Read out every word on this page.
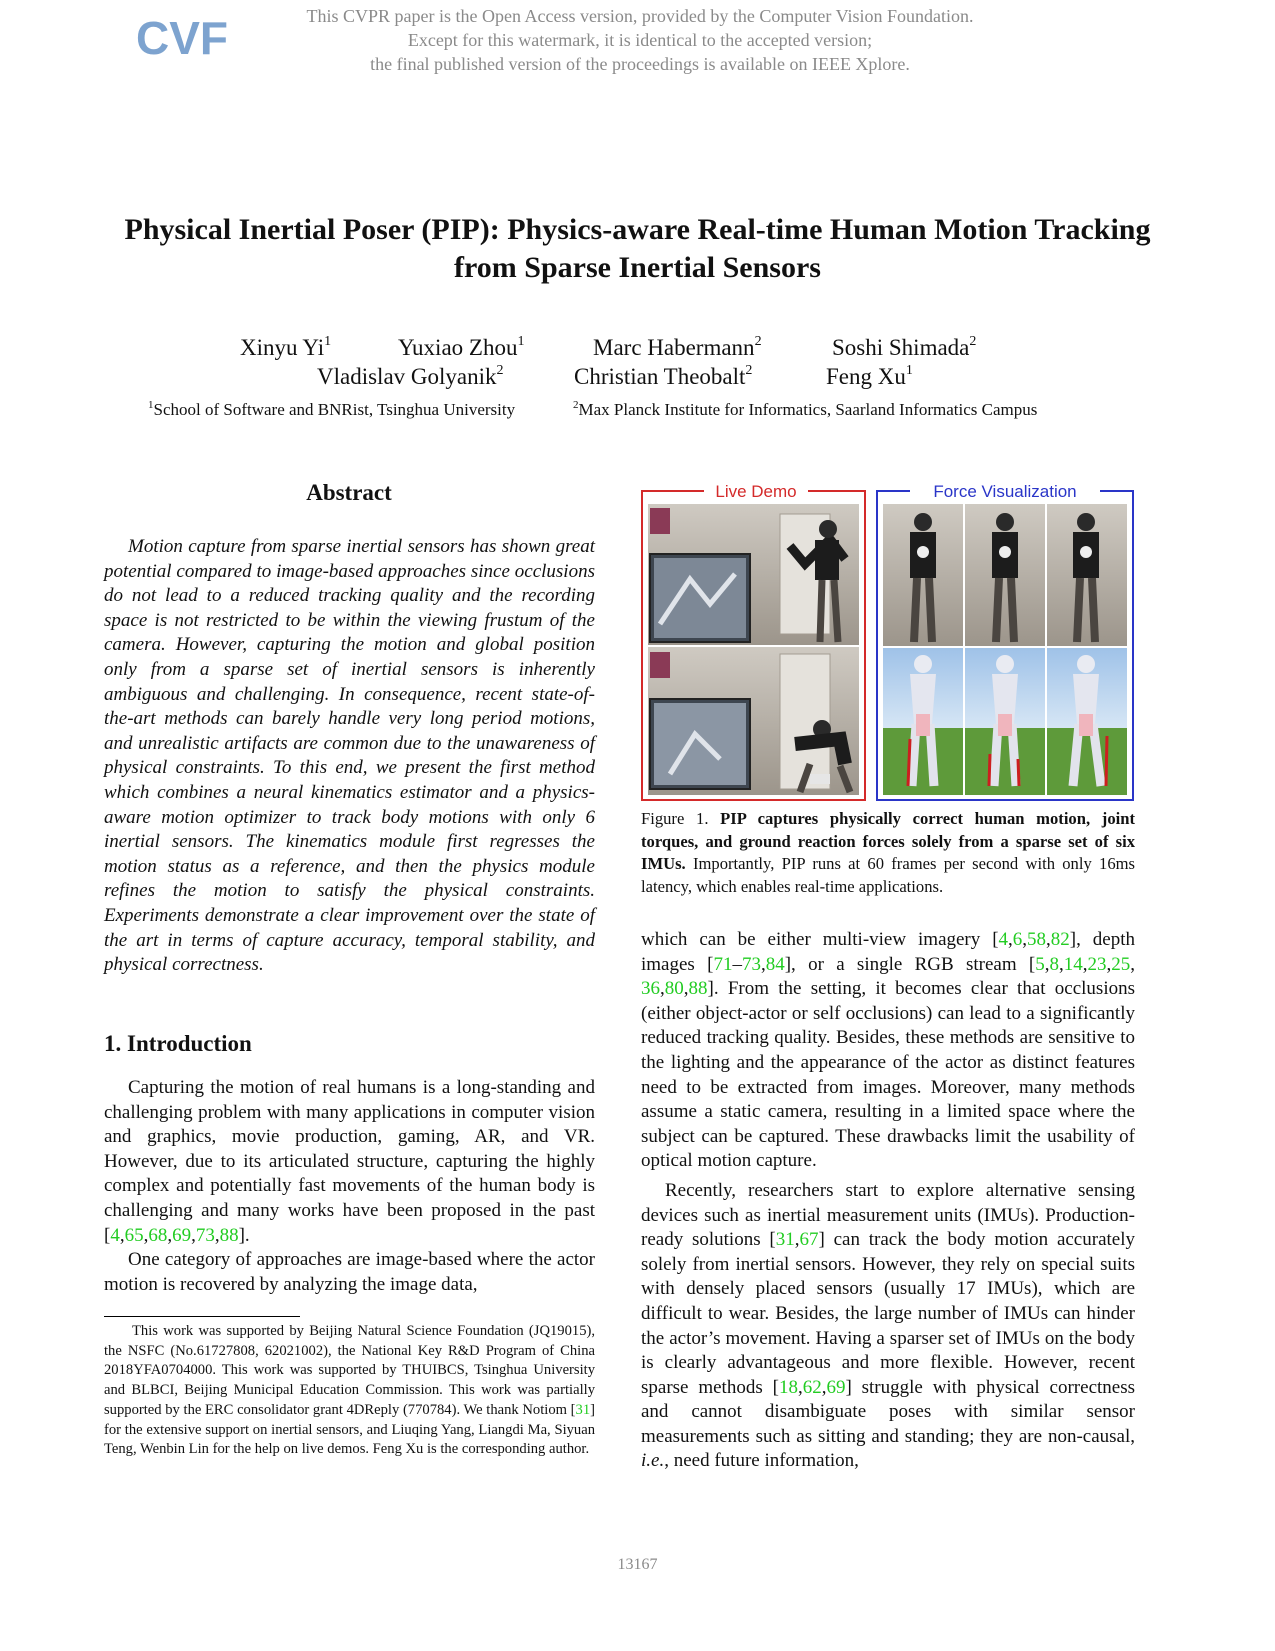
CVF	This CVPR paper is the Open Access version, provided by the Computer Vision Foundation.
Except for this watermark, it is identical to the accepted version;
the final published version of the proceedings is available on IEEE Xplore.
Physical Inertial Poser (PIP): Physics-aware Real-time Human Motion Tracking
from Sparse Inertial Sensors
Xinyu Yi$^1$	Yuxiao Zhou$^1$	Marc Habermann$^2$	Soshi Shimada$^2$
Vladislav Golyanik$^2$	Christian Theobalt$^2$	Feng Xu$^1$
$^1$School of Software and BNRist, Tsinghua University	$^2$Max Planck Institute for Informatics, Saarland Informatics Campus
Abstract

Motion capture from sparse inertial sensors has shown great potential compared to image-based approaches since occlusions do not lead to a reduced tracking quality and the recording space is not restricted to be within the viewing frustum of the camera. However, capturing the motion and global position only from a sparse set of inertial sensors is inherently ambiguous and challenging. In consequence, recent state-of-the-art methods can barely handle very long period motions, and unrealistic artifacts are common due to the unawareness of physical constraints. To this end, we present the first method which combines a neural kinematics estimator and a physics-aware motion optimizer to track body motions with only 6 inertial sensors. The kinematics module first regresses the motion status as a reference, and then the physics module refines the motion to satisfy the physical constraints. Experiments demonstrate a clear improvement over the state of the art in terms of capture accuracy, temporal stability, and physical correctness.

1. Introduction

Capturing the motion of real humans is a long-standing and challenging problem with many applications in computer vision and graphics, movie production, gaming, AR, and VR. However, due to its articulated structure, capturing the highly complex and potentially fast movements of the human body is challenging and many works have been proposed in the past [4,65,68,69,73,88].

One category of approaches are image-based where the actor motion is recovered by analyzing the image data,

This work was supported by Beijing Natural Science Foundation (JQ19015), the NSFC (No.61727808, 62021002), the National Key R&D Program of China 2018YFA0704000. This work was supported by THUIBCS, Tsinghua University and BLBCI, Beijing Municipal Education Commission. This work was partially supported by the ERC consolidator grant 4DReply (770784). We thank Notiom [31] for the extensive support on inertial sensors, and Liuqing Yang, Liangdi Ma, Siyuan Teng, Wenbin Lin for the help on live demos. Feng Xu is the corresponding author.

Live Demo	Force Visualization
Figure 1. PIP captures physically correct human motion, joint torques, and ground reaction forces solely from a sparse set of six IMUs. Importantly, PIP runs at 60 frames per second with only 16ms latency, which enables real-time applications.

which can be either multi-view imagery [4,6,58,82], depth images [71–73,84], or a single RGB stream [5,8,14,23,25, 36,80,88]. From the setting, it becomes clear that occlusions (either object-actor or self occlusions) can lead to a significantly reduced tracking quality. Besides, these methods are sensitive to the lighting and the appearance of the actor as distinct features need to be extracted from images. Moreover, many methods assume a static camera, resulting in a limited space where the subject can be captured. These drawbacks limit the usability of optical motion capture.

Recently, researchers start to explore alternative sensing devices such as inertial measurement units (IMUs). Production-ready solutions [31,67] can track the body motion accurately solely from inertial sensors. However, they rely on special suits with densely placed sensors (usually 17 IMUs), which are difficult to wear. Besides, the large number of IMUs can hinder the actor’s movement. Having a sparser set of IMUs on the body is clearly advantageous and more flexible. However, recent sparse methods [18,62,69] struggle with physical correctness and cannot disambiguate poses with similar sensor measurements such as sitting and standing; they are non-causal, i.e., need future information,

13167
